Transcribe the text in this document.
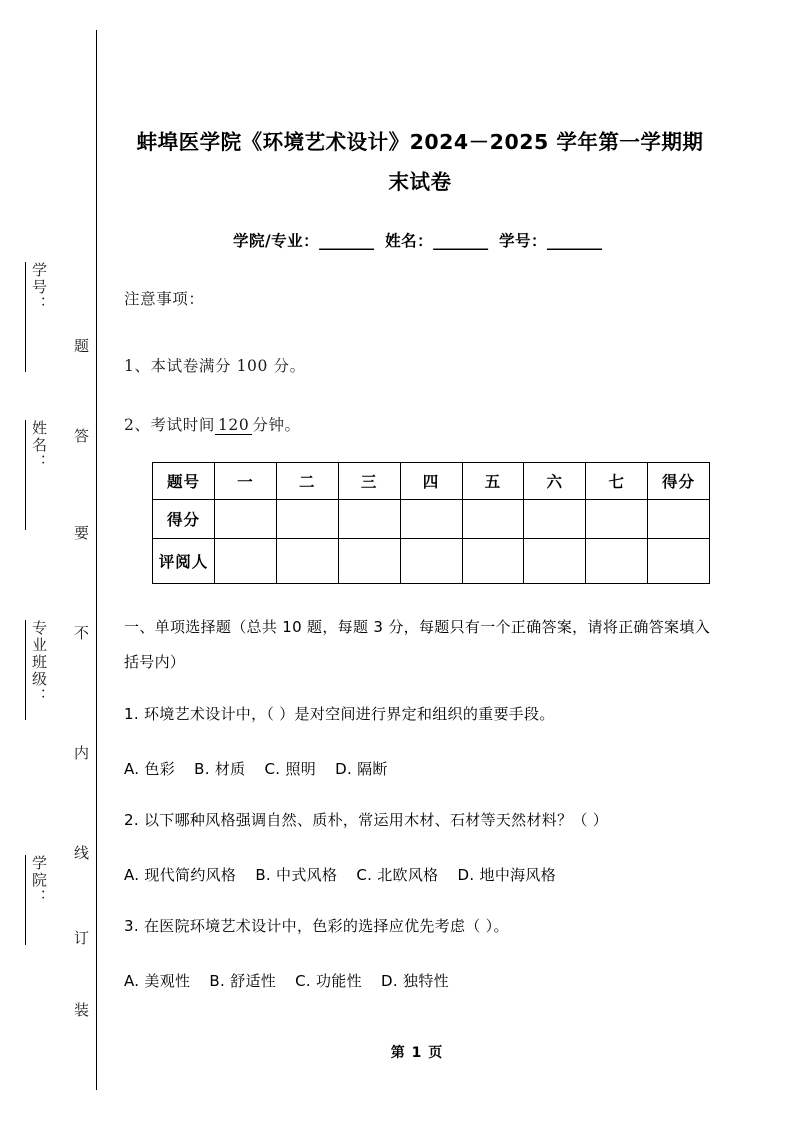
学号：
姓名：
专业班级：
学院：
题
答
要
不
内
线
订
装
蚌埠医学院《环境艺术设计》2024－2025 学年第一学期期末试卷
学院/专业：________ 姓名：________ 学号：________
注意事项：
1、本试卷满分 100 分。
2、考试时间 120 分钟。
题号	一	二	三	四	五	六	七	得分
得分								
评阅人								
一、单项选择题（总共 10 题，每题 3 分，每题只有一个正确答案，请将正确答案填入括号内）
1. 环境艺术设计中，（ ）是对空间进行界定和组织的重要手段。
A. 色彩 B. 材质 C. 照明 D. 隔断
2. 以下哪种风格强调自然、质朴，常运用木材、石材等天然材料？（ ）
A. 现代简约风格 B. 中式风格 C. 北欧风格 D. 地中海风格
3. 在医院环境艺术设计中，色彩的选择应优先考虑（ ）。
A. 美观性 B. 舒适性 C. 功能性 D. 独特性
第 1 页
